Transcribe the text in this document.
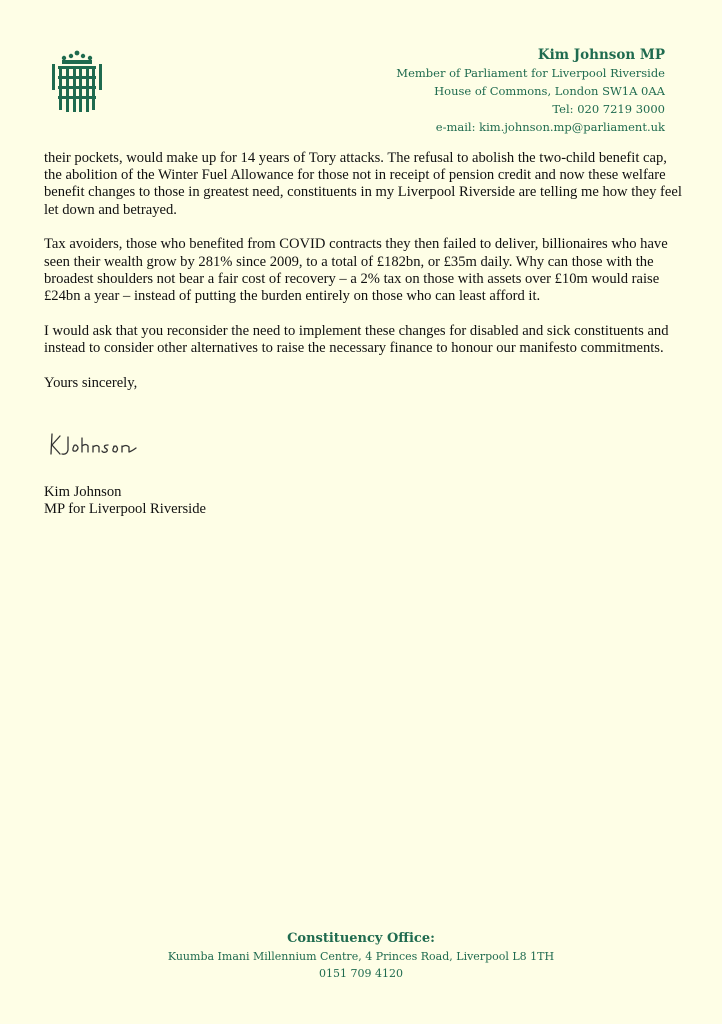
Kim Johnson MP
Member of Parliament for Liverpool Riverside
House of Commons, London SW1A 0AA
Tel: 020 7219 3000
e-mail: kim.johnson.mp@parliament.uk

their pockets, would make up for 14 years of Tory attacks. The refusal to abolish the two-child benefit cap, the abolition of the Winter Fuel Allowance for those not in receipt of pension credit and now these welfare benefit changes to those in greatest need, constituents in my Liverpool Riverside are telling me how they feel let down and betrayed.

Tax avoiders, those who benefited from COVID contracts they then failed to deliver, billionaires who have seen their wealth grow by 281% since 2009, to a total of £182bn, or £35m daily. Why can those with the broadest shoulders not bear a fair cost of recovery – a 2% tax on those with assets over £10m would raise £24bn a year – instead of putting the burden entirely on those who can least afford it.

I would ask that you reconsider the need to implement these changes for disabled and sick constituents and instead to consider other alternatives to raise the necessary finance to honour our manifesto commitments.

Yours sincerely,

Kim Johnson
MP for Liverpool Riverside
Constituency Office:
Kuumba Imani Millennium Centre, 4 Princes Road, Liverpool L8 1TH
0151 709 4120
